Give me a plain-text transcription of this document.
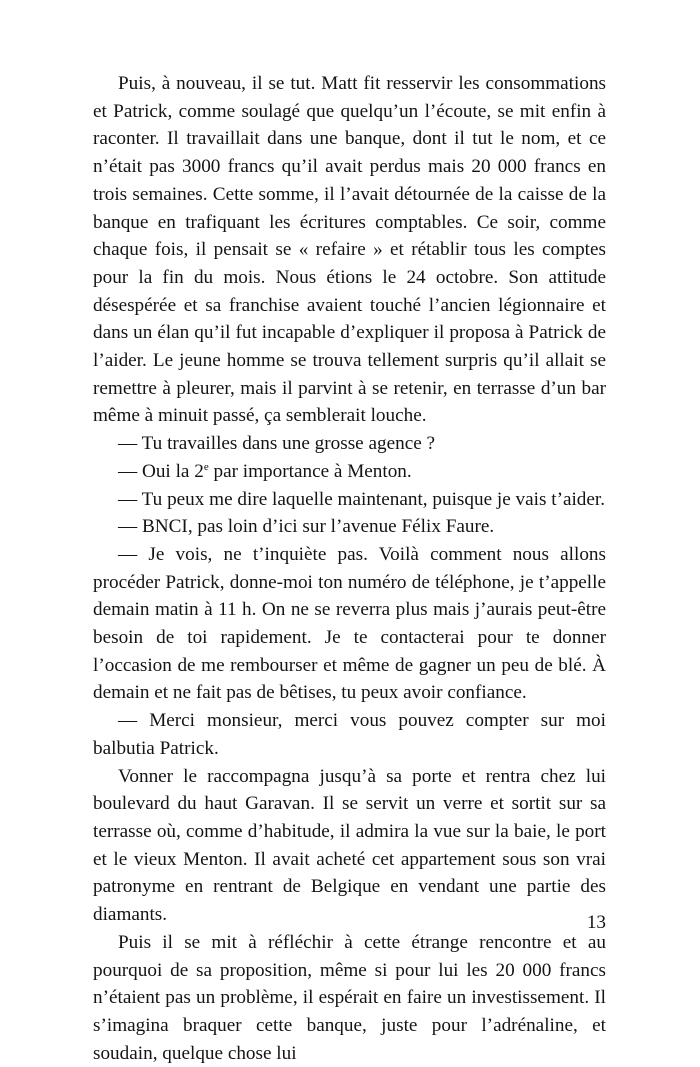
Puis, à nouveau, il se tut. Matt fit resservir les consommations et Patrick, comme soulagé que quelqu’un l’écoute, se mit enfin à raconter. Il travaillait dans une banque, dont il tut le nom, et ce n’était pas 3000 francs qu’il avait perdus mais 20 000 francs en trois semaines. Cette somme, il l’avait détournée de la caisse de la banque en trafiquant les écritures comptables. Ce soir, comme chaque fois, il pensait se « refaire » et rétablir tous les comptes pour la fin du mois. Nous étions le 24 octobre. Son attitude désespérée et sa franchise avaient touché l’ancien légionnaire et dans un élan qu’il fut incapable d’expliquer il proposa à Patrick de l’aider. Le jeune homme se trouva tellement surpris qu’il allait se remettre à pleurer, mais il parvint à se retenir, en terrasse d’un bar même à minuit passé, ça semblerait louche.

— Tu travailles dans une grosse agence ?

— Oui la 2e par importance à Menton.

— Tu peux me dire laquelle maintenant, puisque je vais t’aider.

— BNCI, pas loin d’ici sur l’avenue Félix Faure.

— Je vois, ne t’inquiète pas. Voilà comment nous allons procéder Patrick, donne-moi ton numéro de téléphone, je t’appelle demain matin à 11 h. On ne se reverra plus mais j’aurais peut-être besoin de toi rapidement. Je te contacterai pour te donner l’occasion de me rembourser et même de gagner un peu de blé. À demain et ne fait pas de bêtises, tu peux avoir confiance.

— Merci monsieur, merci vous pouvez compter sur moi balbutia Patrick.

Vonner le raccompagna jusqu’à sa porte et rentra chez lui boulevard du haut Garavan. Il se servit un verre et sortit sur sa terrasse où, comme d’habitude, il admira la vue sur la baie, le port et le vieux Menton. Il avait acheté cet appartement sous son vrai patronyme en rentrant de Belgique en vendant une partie des diamants.

Puis il se mit à réfléchir à cette étrange rencontre et au pourquoi de sa proposition, même si pour lui les 20 000 francs n’étaient pas un problème, il espérait en faire un investissement. Il s’imagina braquer cette banque, juste pour l’adrénaline, et soudain, quelque chose lui

13
